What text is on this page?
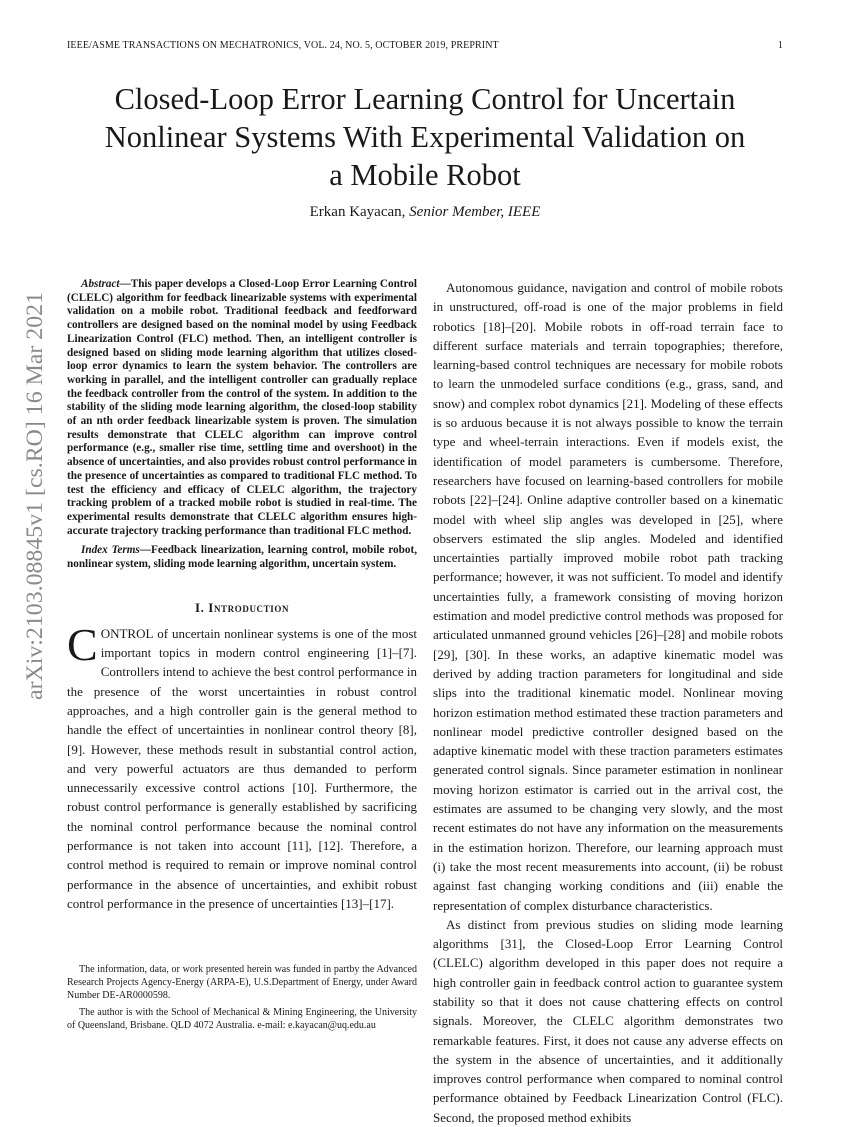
IEEE/ASME TRANSACTIONS ON MECHATRONICS, VOL. 24, NO. 5, OCTOBER 2019, PREPRINT	1
Closed-Loop Error Learning Control for Uncertain
Nonlinear Systems With Experimental Validation on
a Mobile Robot
Erkan Kayacan, Senior Member, IEEE
arXiv:2103.08845v1 [cs.RO] 16 Mar 2021

Abstract—This paper develops a Closed-Loop Error Learning Control (CLELC) algorithm for feedback linearizable systems with experimental validation on a mobile robot. Traditional feedback and feedforward controllers are designed based on the nominal model by using Feedback Linearization Control (FLC) method. Then, an intelligent controller is designed based on sliding mode learning algorithm that utilizes closed-loop error dynamics to learn the system behavior. The controllers are working in parallel, and the intelligent controller can gradually replace the feedback controller from the control of the system. In addition to the stability of the sliding mode learning algorithm, the closed-loop stability of an nth order feedback linearizable system is proven. The simulation results demonstrate that CLELC algorithm can improve control performance (e.g., smaller rise time, settling time and overshoot) in the absence of uncertainties, and also provides robust control performance in the presence of uncertainties as compared to traditional FLC method. To test the efficiency and efficacy of CLELC algorithm, the trajectory tracking problem of a tracked mobile robot is studied in real-time. The experimental results demonstrate that CLELC algorithm ensures high-accurate trajectory tracking performance than traditional FLC method.

Index Terms—Feedback linearization, learning control, mobile robot, nonlinear system, sliding mode learning algorithm, uncertain system.

I. Introduction

CONTROL of uncertain nonlinear systems is one of the most important topics in modern control engineering [1]–[7]. Controllers intend to achieve the best control performance in the presence of the worst uncertainties in robust control approaches, and a high controller gain is the general method to handle the effect of uncertainties in nonlinear control theory [8], [9]. However, these methods result in substantial control action, and very powerful actuators are thus demanded to perform unnecessarily excessive control actions [10]. Furthermore, the robust control performance is generally established by sacrificing the nominal control performance because the nominal control performance is not taken into account [11], [12]. Therefore, a control method is required to remain or improve nominal control performance in the absence of uncertainties, and exhibit robust control performance in the presence of uncertainties [13]–[17].

The information, data, or work presented herein was funded in partby the Advanced Research Projects Agency-Energy (ARPA-E), U.S.Department of Energy, under Award Number DE-AR0000598.

The author is with the School of Mechanical & Mining Engineering, the University of Queensland, Brisbane. QLD 4072 Australia. e-mail: e.kayacan@uq.edu.au

Autonomous guidance, navigation and control of mobile robots in unstructured, off-road is one of the major problems in field robotics [18]–[20]. Mobile robots in off-road terrain face to different surface materials and terrain topographies; therefore, learning-based control techniques are necessary for mobile robots to learn the unmodeled surface conditions (e.g., grass, sand, and snow) and complex robot dynamics [21]. Modeling of these effects is so arduous because it is not always possible to know the terrain type and wheel-terrain interactions. Even if models exist, the identification of model parameters is cumbersome. Therefore, researchers have focused on learning-based controllers for mobile robots [22]–[24]. Online adaptive controller based on a kinematic model with wheel slip angles was developed in [25], where observers estimated the slip angles. Modeled and identified uncertainties partially improved mobile robot path tracking performance; however, it was not sufficient. To model and identify uncertainties fully, a framework consisting of moving horizon estimation and model predictive control methods was proposed for articulated unmanned ground vehicles [26]–[28] and mobile robots [29], [30]. In these works, an adaptive kinematic model was derived by adding traction parameters for longitudinal and side slips into the traditional kinematic model. Nonlinear moving horizon estimation method estimated these traction parameters and nonlinear model predictive controller designed based on the adaptive kinematic model with these traction parameters estimates generated control signals. Since parameter estimation in nonlinear moving horizon estimator is carried out in the arrival cost, the estimates are assumed to be changing very slowly, and the most recent estimates do not have any information on the measurements in the estimation horizon. Therefore, our learning approach must (i) take the most recent measurements into account, (ii) be robust against fast changing working conditions and (iii) enable the representation of complex disturbance characteristics.

As distinct from previous studies on sliding mode learning algorithms [31], the Closed-Loop Error Learning Control (CLELC) algorithm developed in this paper does not require a high controller gain in feedback control action to guarantee system stability so that it does not cause chattering effects on control signals. Moreover, the CLELC algorithm demonstrates two remarkable features. First, it does not cause any adverse effects on the system in the absence of uncertainties, and it additionally improves control performance when compared to nominal control performance obtained by Feedback Linearization Control (FLC). Second, the proposed method exhibits
